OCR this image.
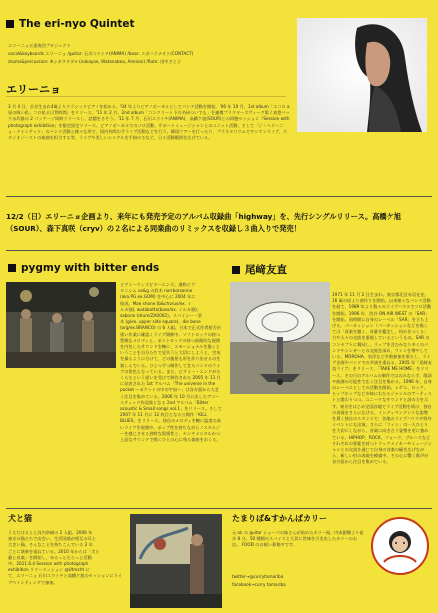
The eri-nyo Quintet
エリーニョ五重奏団プロジェクト
vocal&keyboards エリーニョ /guitar: 石川ユウイチ(ANIMA) /bass: スガハラナオト(CONTACT)
drums&percussion: ※シカワタダ+ (nakayoe, Watanabea, Amnion) /flute: 田中さと子
エリーニョ
3 月 4 日、京京生まれ4歳よりクラシックピアノを始める。'04 年よりピアノボーカルとしてバンド活動を開始。'06 年 10 月、1st album「エコロ a 昼の吸い私」コロ私る日背時間」をリリース。'11 年 2 月、2nd album「コンクリート下の名州ついでも」を連携プラクターズヴィーク版 / 真悠バック永均誰の 2 パッケージ同時リリースし、話題をさそう。'11 年 7 月、石川ユウイチ(ANIMA)、高橋ケ旭(SOUR)との同胞セッション『Session with photograph exhibition』を限定固定リリース。ピアノボーカルでのソロ活動、サポートミュージシャンとのユニット活動、そして「ジ・ヘリーニョ・クインテット」のバンド活動と様々な形で、国内外問わずライブ活動などを行う。韓国ツアーを行ったり、プラネタリウムでワンマンライブ、スタジオジーストの楽曲を担当する等、ライブや美しいシングルを手掛けるなど、日々活動範囲を広げている。
12/2（日）エリーニョ企画より、来年にも発売予定のアルバム収録曲「highway」を、先行シングルリリース。高橋ケ旭（SOUR）、森下真咲（cryv）の２名による同楽曲のリミックスを収録し３曲入りで発売！
pygmy with bitter ends
ピグミーウィズビターエンズ。通称ピグ
タニシム vo&g の鈴木 norrborsonne
(aka.PG ex.GOM) を中心に 2004 年に
結成。Mae shone (b&chorus/ex. イ
ルカ畑), watabotta(bass/ex. イルカ畑),
sabone (drum/ZA0002)。スバイシー・鈴
木 (g/ex. upper side square)、die bone
(org/ex.BRANCO) の 6 人組。日本で正式作者担否が重い作業に確認くライブ開催中。ソフトロックの持つ豊饒なメロディと、ポストロックの持つ前衛的な展開を内包したサウンドを軸に、エモーショナルを描くということを自分たちで見失うと大切にしようと、空気を操るように分けて、どの風景も形を作り出せるのを楽しんでいる。ひとつずつ制作してきたバンドのライブの景色となっている。また、ピグミー・エンドがたくらたという思いを受けて制作された 2005 年 11 月に発表された 1st アルバム「The universe in the pocket ～ポケットの中の宇宙～」は各方面から大きく注目を集めている。2006 年 10 月に出したアコースティック作品集となる 2nd アルバム「Bitter acoustic & Small songs vol.1」をリリース。そして 2007 年 11 月に 12 枚目となる公開作「KILL BLUES」をリリース。独自のメロディを軸に温度の高いライブを展開中。ポップ性を持ちながらノスタルジーを感じさせる独特な叙情性と、センチメンタルかつ上品なサウンドで聞くひとの心に残る楽曲をおくる。
尾﨑友直
1971 年 11 月 2 日生まれ。東京都北区赤羽在住。16 歳の頃より曲作りを開始、以来様々なバンド活動を経て、1989 年より数々のライブハウスでソロ活動を開始。1996 年、渋谷 ON AIR WEST の「SAR」を開始。同時期に自身のレーベル「SAR」を立ち上げる。パーカッション（パーカッションなどを指しては「音楽を聴く、音量を鑑定し、何かをつくる」力や人々の交流を重視しているというもの。SAR のコンセプトに賛同し、ラップを含むかなり多くのバンドやシンガーとの交流を深め、ファンを増やしている。MOROHA、泉洋など多数参加を果たし、ライブ企画やバンドでの共演を重ねる。2005 年「尾崎友直ライブ」をリリース、「TAKE ME HOME」をリリース。その日のアルバムの制作ではのみならず、歌詞や曲調の可能性で広く注目を集める。1996 年、自身のレーベルとしての活動を開始。レゲエ、ロック、ヒップホップなど多岐にわたるジャンルのアーティストと関わりつつ、ユニークなサウンドと詩の力を示す。東京をはじめ全国各地でライブ活動を続け、独自の表現をさらに広げる。インディペンデントな姿勢を貫く独自のスタンスで、各地のライブハウスや野外イベントにも出演。さらに「ファン」の一人ひとりを大切にしながら、音楽に向き合う姿勢を更に強めている。HIPHOP、ROCK、フォーク、ブルースなどそれぞれの要素を持つトラックメイカーやミュージシャンとの交流を通じて自身の音楽の幅を広げながら、新しい形の表現を模索中。その心に響く歌声が各方面から注目を集めている。
犬と猫
うえだはるとと河内奈緒の 2 人組。2006 年
東京の猫たちで出会い、生活国境が相互の耳と
大きい猫。そんなことを持ちこんでいる 2 年
ごとに演奏を重ねている。2010 年からは「犬と
猫と音楽」を開始し、ゆるっとだらっと活動
中。2011.6.4 Session with photograph
exhibition リリースッション @Utrecht に
て、エリーニョ 石川ユウイチと高橋ケ旭のセッションにライブペインティングで参加。
たまりば&すかんぱカリー
元 ok の guitar ショーベの妹さんが始めたカリー屋。内本銀剛より徒歩 8 分。50 種類のスパイスと大切に旨味を引き出したカリーのお店。 FOOD のお裾い募集中です。
twitter→@currytamariba
facebook→curry tamariba
